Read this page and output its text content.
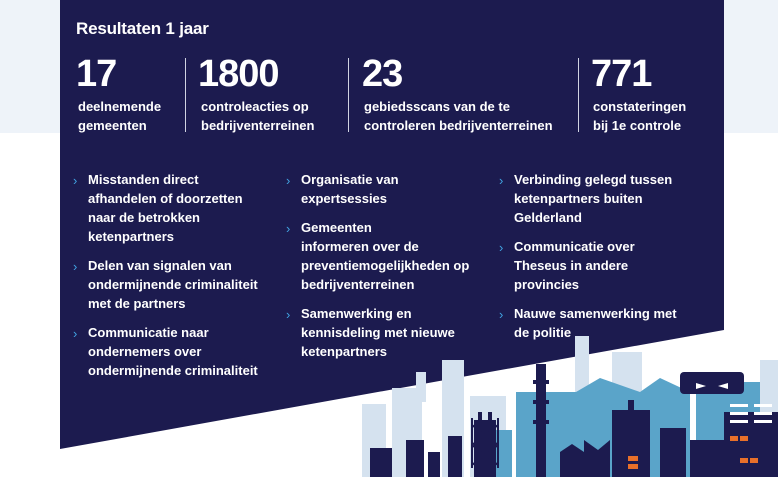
Resultaten 1 jaar
17
deelnemende
gemeenten
1800
controleacties op
bedrijventerreinen
23
gebiedsscans van de te
controleren bedrijventerreinen
771
constateringen
bij 1e controle
› Misstanden direct
afhandelen of doorzetten
naar de betrokken
ketenpartners
› Delen van signalen van
ondermijnende criminaliteit
met de partners
› Communicatie naar
ondernemers over
ondermijnende criminaliteit
› Organisatie van
expertsessies
› Gemeenten
informeren over de
preventiemogelijkheden op
bedrijventerreinen
› Samenwerking en
kennisdeling met nieuwe
ketenpartners
› Verbinding gelegd tussen
ketenpartners buiten
Gelderland
› Communicatie over
Theseus in andere
provincies
› Nauwe samenwerking met
de politie
